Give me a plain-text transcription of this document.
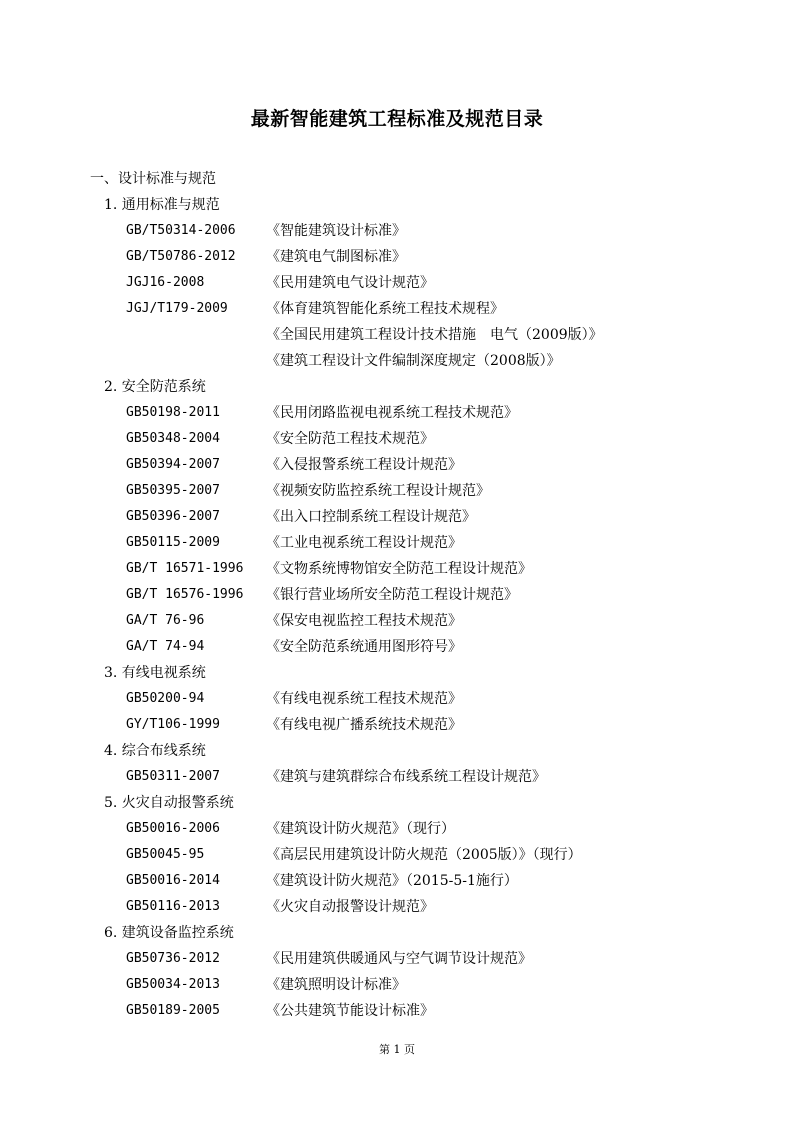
最新智能建筑工程标准及规范目录
一、设计标准与规范
1. 通用标准与规范
GB/T50314-2006 《智能建筑设计标准》
GB/T50786-2012 《建筑电气制图标准》
JGJ16-2008	《民用建筑电气设计规范》
JGJ/T179-2009	《体育建筑智能化系统工程技术规程》
《全国民用建筑工程设计技术措施　电气（2009版）》
《建筑工程设计文件编制深度规定（2008版）》
2. 安全防范系统
GB50198-2011	《民用闭路监视电视系统工程技术规范》
GB50348-2004	《安全防范工程技术规范》
GB50394-2007	《入侵报警系统工程设计规范》
GB50395-2007	《视频安防监控系统工程设计规范》
GB50396-2007	《出入口控制系统工程设计规范》
GB50115-2009	《工业电视系统工程设计规范》
GB/T 16571-1996 《文物系统博物馆安全防范工程设计规范》
GB/T 16576-1996 《银行营业场所安全防范工程设计规范》
GA/T 76-96	《保安电视监控工程技术规范》
GA/T 74-94	《安全防范系统通用图形符号》
3. 有线电视系统
GB50200-94	《有线电视系统工程技术规范》
GY/T106-1999	《有线电视广播系统技术规范》
4. 综合布线系统
GB50311-2007	《建筑与建筑群综合布线系统工程设计规范》
5. 火灾自动报警系统
GB50016-2006	《建筑设计防火规范》（现行）
GB50045-95	《高层民用建筑设计防火规范（2005版）》（现行）
GB50016-2014	《建筑设计防火规范》（2015-5-1施行）
GB50116-2013	《火灾自动报警设计规范》
6. 建筑设备监控系统
GB50736-2012	《民用建筑供暖通风与空气调节设计规范》
GB50034-2013	《建筑照明设计标准》
GB50189-2005	《公共建筑节能设计标准》
第 1 页
